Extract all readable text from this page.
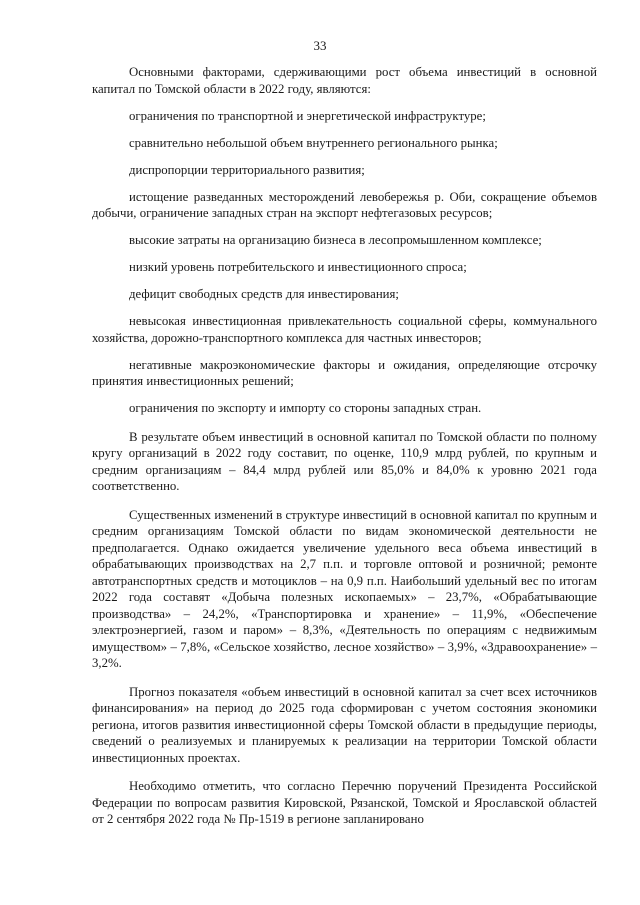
33

Основными факторами, сдерживающими рост объема инвестиций в основной капитал по Томской области в 2022 году, являются:

ограничения по транспортной и энергетической инфраструктуре;

сравнительно небольшой объем внутреннего регионального рынка;

диспропорции территориального развития;

истощение разведанных месторождений левобережья р. Оби, сокращение объемов добычи, ограничение западных стран на экспорт нефтегазовых ресурсов;

высокие затраты на организацию бизнеса в лесопромышленном комплексе;

низкий уровень потребительского и инвестиционного спроса;

дефицит свободных средств для инвестирования;

невысокая инвестиционная привлекательность социальной сферы, коммунального хозяйства, дорожно-транспортного комплекса для частных инвесторов;

негативные макроэкономические факторы и ожидания, определяющие отсрочку принятия инвестиционных решений;

ограничения по экспорту и импорту со стороны западных стран.

В результате объем инвестиций в основной капитал по Томской области по полному кругу организаций в 2022 году составит, по оценке, 110,9 млрд рублей, по крупным и средним организациям – 84,4 млрд рублей или 85,0% и 84,0% к уровню 2021 года соответственно.

Существенных изменений в структуре инвестиций в основной капитал по крупным и средним организациям Томской области по видам экономической деятельности не предполагается. Однако ожидается увеличение удельного веса объема инвестиций в обрабатывающих производствах на 2,7 п.п. и торговле оптовой и розничной; ремонте автотранспортных средств и мотоциклов – на 0,9 п.п. Наибольший удельный вес по итогам 2022 года составят «Добыча полезных ископаемых» – 23,7%, «Обрабатывающие производства» – 24,2%, «Транспортировка и хранение» – 11,9%, «Обеспечение электроэнергией, газом и паром» – 8,3%, «Деятельность по операциям с недвижимым имуществом» – 7,8%, «Сельское хозяйство, лесное хозяйство» – 3,9%, «Здравоохранение» – 3,2%.

Прогноз показателя «объем инвестиций в основной капитал за счет всех источников финансирования» на период до 2025 года сформирован с учетом состояния экономики региона, итогов развития инвестиционной сферы Томской области в предыдущие периоды, сведений о реализуемых и планируемых к реализации на территории Томской области инвестиционных проектах.

Необходимо отметить, что согласно Перечню поручений Президента Российской Федерации по вопросам развития Кировской, Рязанской, Томской и Ярославской областей от 2 сентября 2022 года № Пр-1519 в регионе запланировано
